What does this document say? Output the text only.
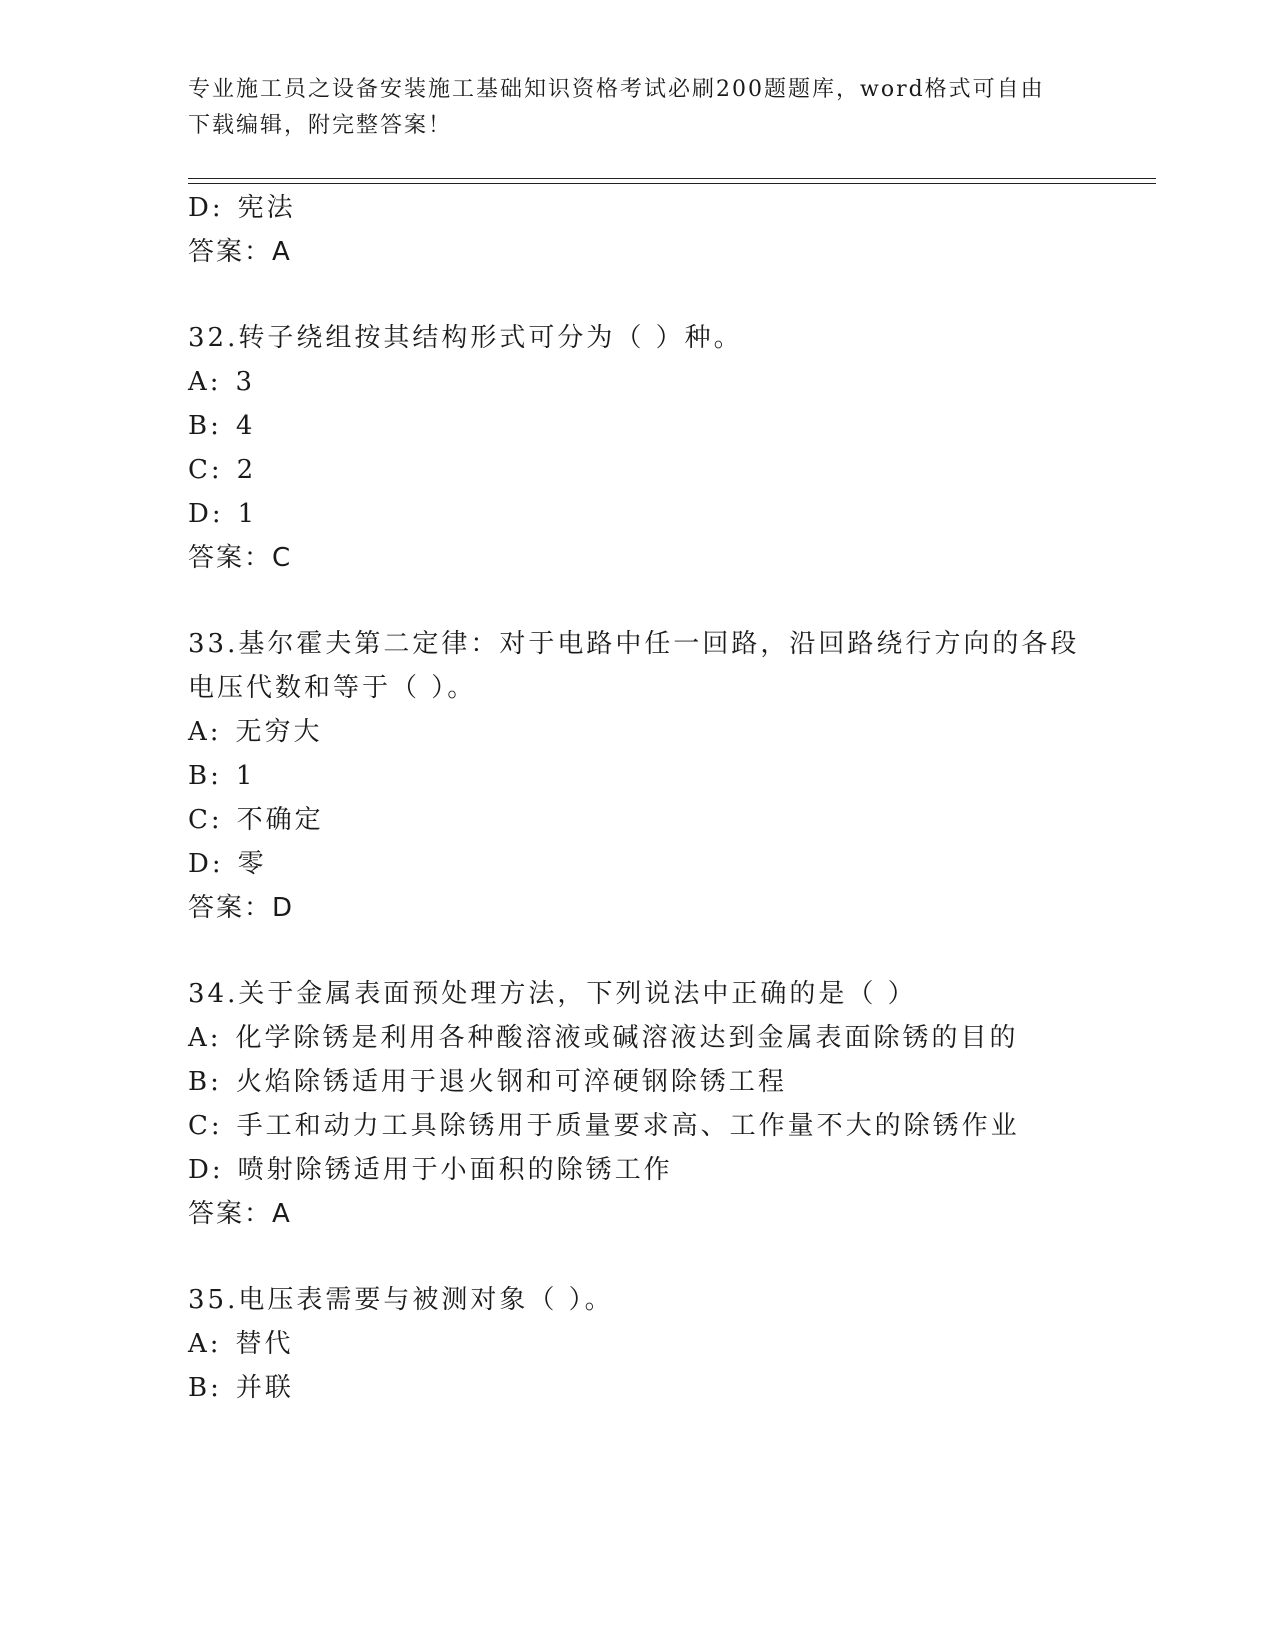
专业施工员之设备安装施工基础知识资格考试必刷200题题库，word格式可自由
下载编辑，附完整答案！
D: 宪法
答案：A
32.转子绕组按其结构形式可分为（ ）种。
A: 3
B: 4
C: 2
D: 1
答案：C
33.基尔霍夫第二定律：对于电路中任一回路，沿回路绕行方向的各段
电压代数和等于（ ）。
A: 无穷大
B: 1
C: 不确定
D: 零
答案：D
34.关于金属表面预处理方法，下列说法中正确的是（ ）
A: 化学除锈是利用各种酸溶液或碱溶液达到金属表面除锈的目的
B: 火焰除锈适用于退火钢和可淬硬钢除锈工程
C: 手工和动力工具除锈用于质量要求高、工作量不大的除锈作业
D: 喷射除锈适用于小面积的除锈工作
答案：A
35.电压表需要与被测对象（ ）。
A: 替代
B: 并联
